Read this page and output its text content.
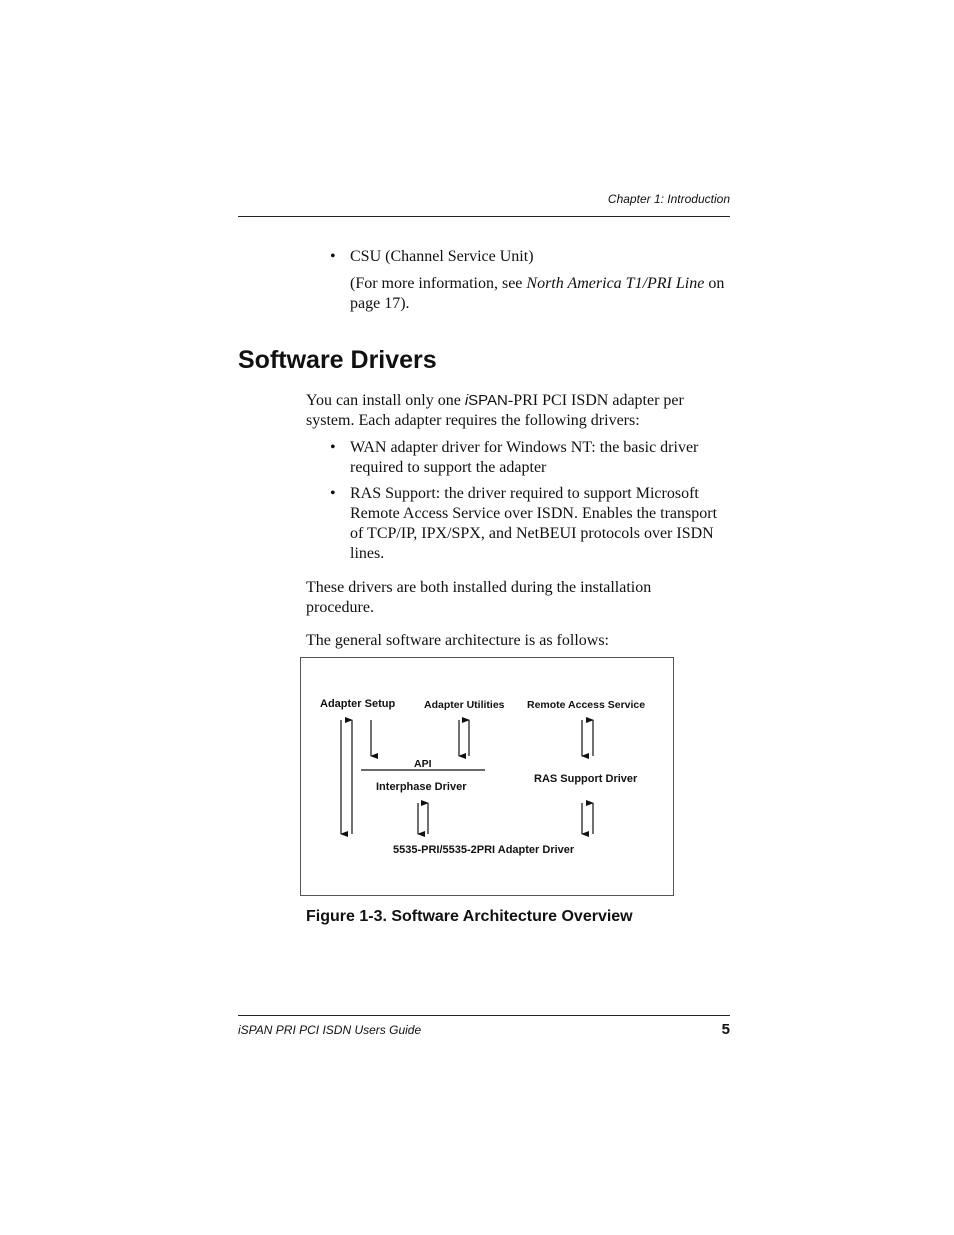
Chapter 1: Introduction
• CSU (Channel Service Unit)
(For more information, see North America T1/PRI Line on page 17).
Software Drivers
You can install only one iSPAN-PRI PCI ISDN adapter per system. Each adapter requires the following drivers:
• WAN adapter driver for Windows NT: the basic driver required to support the adapter
• RAS Support: the driver required to support Microsoft Remote Access Service over ISDN. Enables the transport of TCP/IP, IPX/SPX, and NetBEUI protocols over ISDN lines.
These drivers are both installed during the installation procedure.
The general software architecture is as follows:
Adapter Setup	Adapter Utilities Remote Access Service
API
Interphase Driver
RAS Support Driver
5535-PRI/5535-2PRI Adapter Driver
Figure 1-3. Software Architecture Overview
iSPAN PRI PCI ISDN Users Guide	5
